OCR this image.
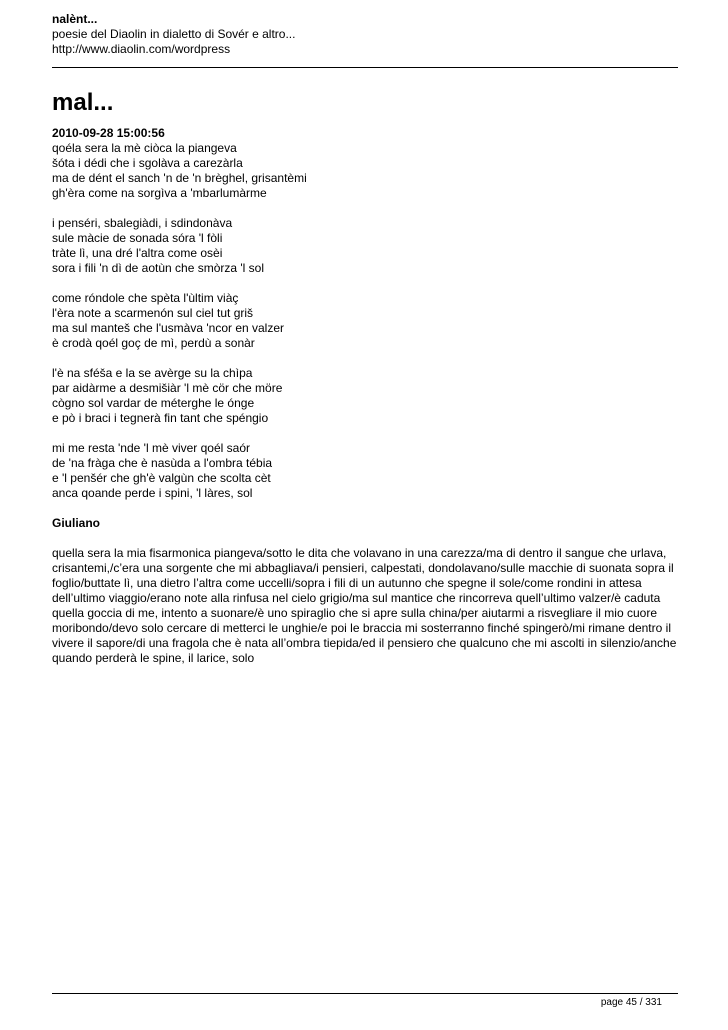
nalènt...
poesie del Diaolin in dialetto di Sovér e altro...
http://www.diaolin.com/wordpress
mal...
2010-09-28 15:00:56
qoéla sera la mè ciòca la piangeva
šóta i dédi che i sgolàva a carezàrla
ma de dént el sanch 'n de 'n brèghel, grisantèmi
gh'èra come na sorgìva a 'mbarlumàrme
i penséri, sbalegiàdi, i sdindonàva
sule màcie de sonada sóra 'l fòli
tràte lì, una dré l'altra come osèi
sora i fili 'n dì de aotùn che smòrza 'l sol
come róndole che spèta l'ùltim viàç
l'èra note a scarmenón sul ciel tut griš
ma sul manteš che l'usmàva 'ncor en valzer
è crodà qoél goç de mì, perdù a sonàr
l'è na sféša e la se avèrge su la chìpa
par aidàrme a desmišiàr 'l mè cör che möre
cògno sol vardar de méterghe le ónge
e pò i braci i tegnerà fin tant che spéngio
mi me resta 'nde 'l mè viver qoél saór
de 'na fràga che è nasùda a l'ombra tébia
e 'l penšér che gh'è valgùn che scolta cèt
anca qoande perde i spini, 'l làres, sol
Giuliano

quella sera la mia fisarmonica piangeva/sotto le dita che volavano in una carezza/ma di dentro il sangue che urlava, crisantemi,/c’era una sorgente che mi abbagliava/i pensieri, calpestati, dondolavano/sulle macchie di suonata sopra il foglio/buttate lì, una dietro l’altra come uccelli/sopra i fili di un autunno che spegne il sole/come rondini in attesa dell’ultimo viaggio/erano note alla rinfusa nel cielo grigio/ma sul mantice che rincorreva quell’ultimo valzer/è caduta quella goccia di me, intento a suonare/è uno spiraglio che si apre sulla china/per aiutarmi a risvegliare il mio cuore moribondo/devo solo cercare di metterci le unghie/e poi le braccia mi sosterranno finché spingerò/mi rimane dentro il vivere il sapore/di una fragola che è nata all’ombra tiepida/ed il pensiero che qualcuno che mi ascolti in silenzio/anche quando perderà le spine, il larice, solo

page 45 / 331
